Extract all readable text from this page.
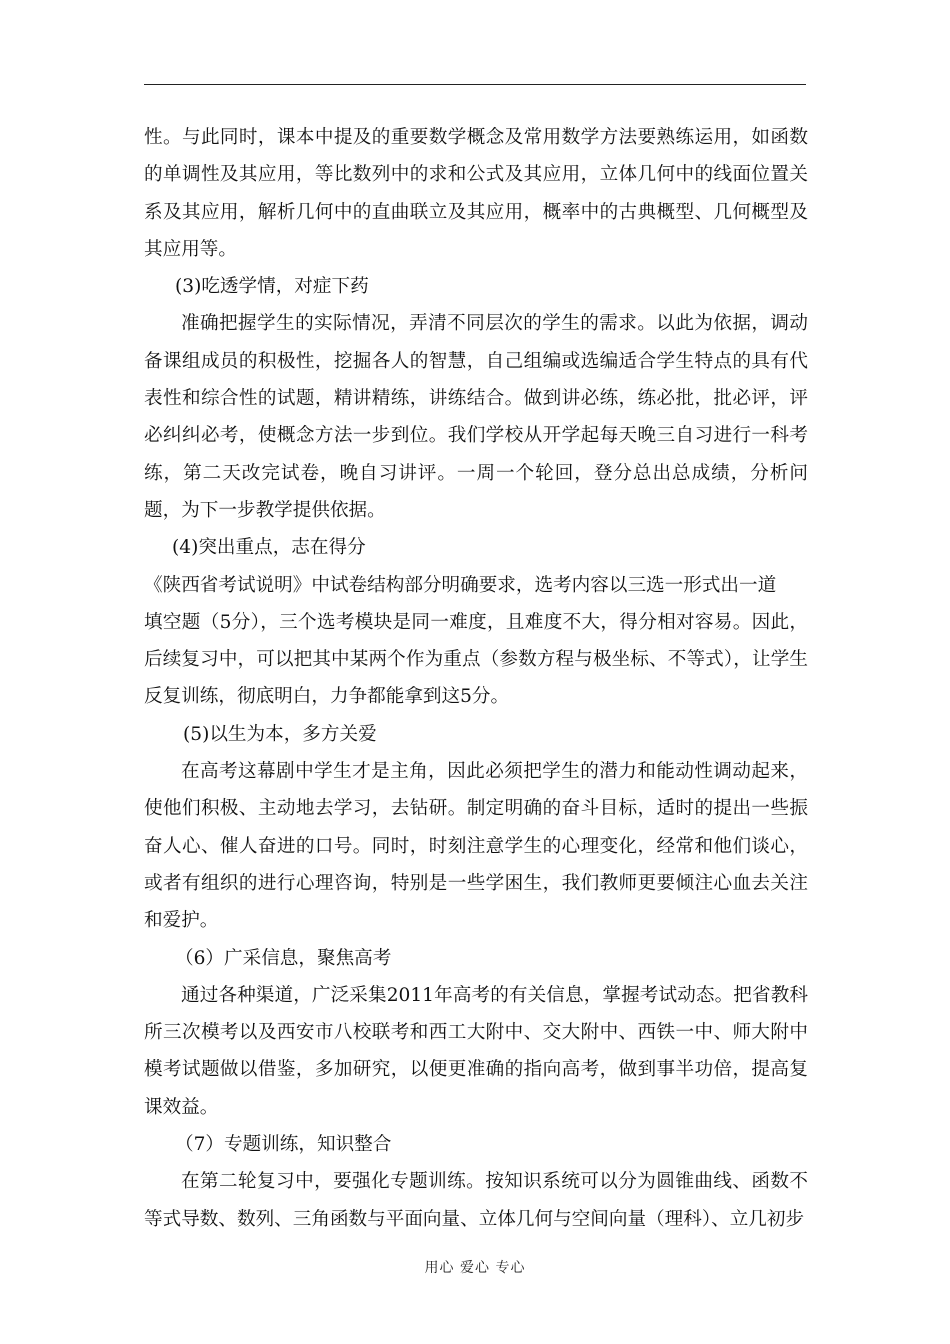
性。与此同时，课本中提及的重要数学概念及常用数学方法要熟练运用，如函数的单调性及其应用，等比数列中的求和公式及其应用，立体几何中的线面位置关系及其应用，解析几何中的直曲联立及其应用，概率中的古典概型、几何概型及其应用等。

(3)吃透学情，对症下药

准确把握学生的实际情况，弄清不同层次的学生的需求。以此为依据，调动备课组成员的积极性，挖掘各人的智慧，自己组编或选编适合学生特点的具有代表性和综合性的试题，精讲精练，讲练结合。做到讲必练，练必批，批必评，评必纠纠必考，使概念方法一步到位。我们学校从开学起每天晚三自习进行一科考练，第二天改完试卷，晚自习讲评。一周一个轮回，登分总出总成绩，分析问题，为下一步教学提供依据。

(4)突出重点，志在得分

《陕西省考试说明》中试卷结构部分明确要求，选考内容以三选一形式出一道

填空题（5分），三个选考模块是同一难度，且难度不大，得分相对容易。因此，后续复习中，可以把其中某两个作为重点（参数方程与极坐标、不等式），让学生反复训练，彻底明白，力争都能拿到这5分。

(5)以生为本，多方关爱

在高考这幕剧中学生才是主角，因此必须把学生的潜力和能动性调动起来，使他们积极、主动地去学习，去钻研。制定明确的奋斗目标，适时的提出一些振奋人心、催人奋进的口号。同时，时刻注意学生的心理变化，经常和他们谈心，或者有组织的进行心理咨询，特别是一些学困生，我们教师更要倾注心血去关注和爱护。

（6）广采信息，聚焦高考

通过各种渠道，广泛采集2011年高考的有关信息，掌握考试动态。把省教科所三次模考以及西安市八校联考和西工大附中、交大附中、西铁一中、师大附中模考试题做以借鉴，多加研究，以便更准确的指向高考，做到事半功倍，提高复课效益。

（7）专题训练，知识整合

在第二轮复习中，要强化专题训练。按知识系统可以分为圆锥曲线、函数不等式导数、数列、三角函数与平面向量、立体几何与空间向量（理科）、立几初步

用心 爱心 专心
